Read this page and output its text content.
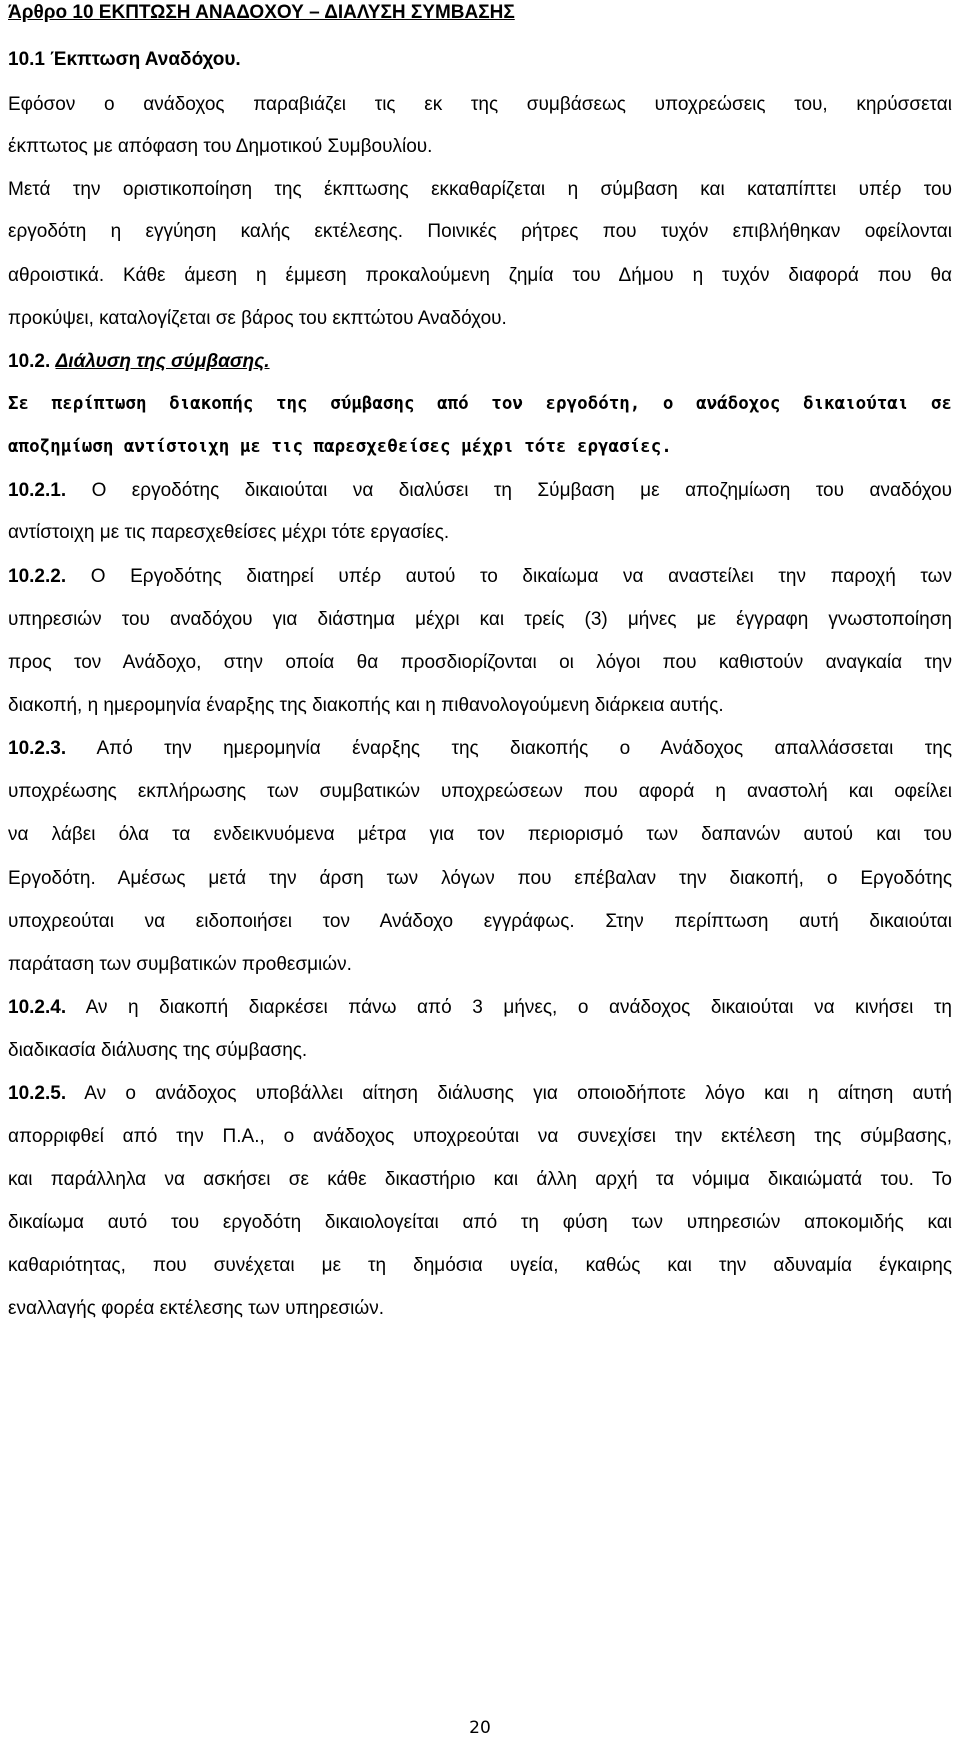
Άρθρο 10 ΕΚΠΤΩΣΗ ΑΝΑΔΟΧΟΥ – ΔΙΑΛΥΣΗ ΣΥΜΒΑΣΗΣ
10.1 Έκπτωση Αναδόχου.
Εφόσον ο ανάδοχος παραβιάζει τις εκ της συμβάσεως υποχρεώσεις του, κηρύσσεται
έκπτωτος με απόφαση του Δημοτικού Συμβουλίου.
Μετά την οριστικοποίηση της έκπτωσης εκκαθαρίζεται η σύμβαση και καταπίπτει υπέρ του
εργοδότη η εγγύηση καλής εκτέλεσης. Ποινικές ρήτρες που τυχόν επιβλήθηκαν οφείλονται
αθροιστικά. Κάθε άμεση η έμμεση προκαλούμενη ζημία του Δήμου η τυχόν διαφορά που θα
προκύψει, καταλογίζεται σε βάρος του εκπτώτου Αναδόχου.
10.2. Διάλυση της σύμβασης.
Σε περίπτωση διακοπής της σύμβασης από τον εργοδότη, ο ανάδοχος δικαιούται σε
αποζημίωση αντίστοιχη με τις παρεσχεθείσες μέχρι τότε εργασίες.
10.2.1. Ο εργοδότης δικαιούται να διαλύσει τη Σύμβαση με αποζημίωση του αναδόχου
αντίστοιχη με τις παρεσχεθείσες μέχρι τότε εργασίες.
10.2.2. Ο Εργοδότης διατηρεί υπέρ αυτού το δικαίωμα να αναστείλει την παροχή των
υπηρεσιών του αναδόχου για διάστημα μέχρι και τρείς (3) μήνες με έγγραφη γνωστοποίηση
προς τον Ανάδοχο, στην οποία θα προσδιορίζονται οι λόγοι που καθιστούν αναγκαία την
διακοπή, η ημερομηνία έναρξης της διακοπής και η πιθανολογούμενη διάρκεια αυτής.
10.2.3. Από την ημερομηνία έναρξης της διακοπής ο Ανάδοχος απαλλάσσεται της
υποχρέωσης εκπλήρωσης των συμβατικών υποχρεώσεων που αφορά η αναστολή και οφείλει
να λάβει όλα τα ενδεικνυόμενα μέτρα για τον περιορισμό των δαπανών αυτού και του
Εργοδότη. Αμέσως μετά την άρση των λόγων που επέβαλαν την διακοπή, ο Εργοδότης
υποχρεούται να ειδοποιήσει τον Ανάδοχο εγγράφως. Στην περίπτωση αυτή δικαιούται
παράταση των συμβατικών προθεσμιών.
10.2.4. Αν η διακοπή διαρκέσει πάνω από 3 μήνες, ο ανάδοχος δικαιούται να κινήσει τη
διαδικασία διάλυσης της σύμβασης.
10.2.5. Αν ο ανάδοχος υποβάλλει αίτηση διάλυσης για οποιοδήποτε λόγο και η αίτηση αυτή
απορριφθεί από την Π.Α., ο ανάδοχος υποχρεούται να συνεχίσει την εκτέλεση της σύμβασης,
και παράλληλα να ασκήσει σε κάθε δικαστήριο και άλλη αρχή τα νόμιμα δικαιώματά του. Το
δικαίωμα αυτό του εργοδότη δικαιολογείται από τη φύση των υπηρεσιών αποκομιδής και
καθαριότητας, που συνέχεται με τη δημόσια υγεία, καθώς και την αδυναμία έγκαιρης
εναλλαγής φορέα εκτέλεσης των υπηρεσιών.
20
